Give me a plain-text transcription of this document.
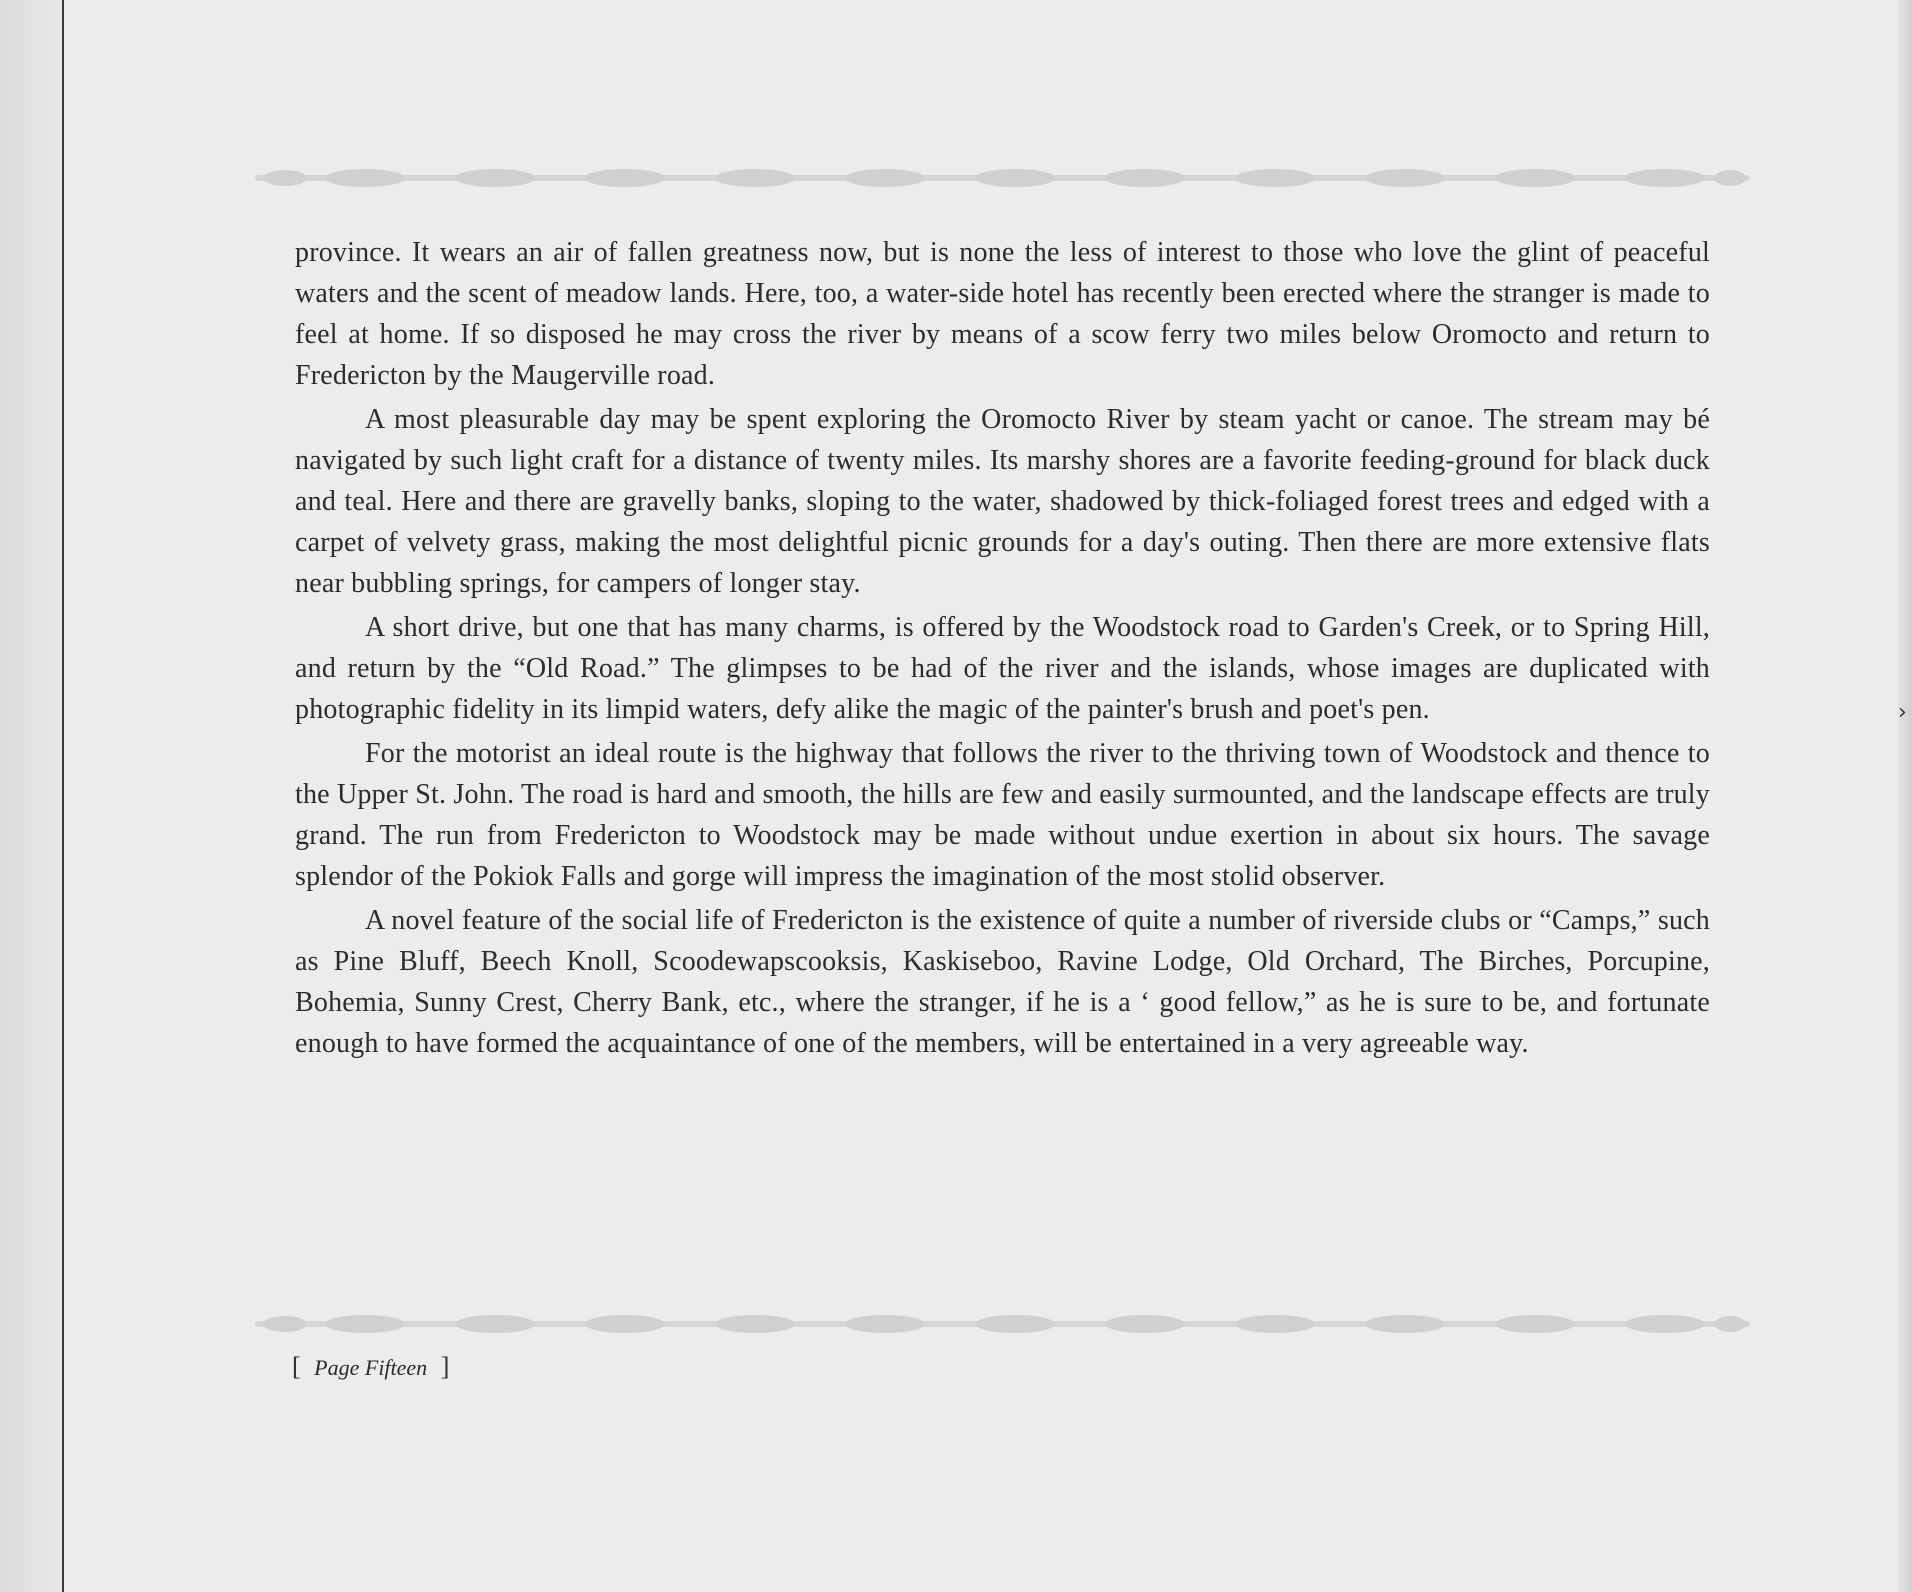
province. It wears an air of fallen greatness now, but is none the less of interest to those who love the glint of peaceful waters and the scent of meadow lands. Here, too, a water-side hotel has recently been erected where the stranger is made to feel at home. If so disposed he may cross the river by means of a scow ferry two miles below Oromocto and return to Fredericton by the Maugerville road.

A most pleasurable day may be spent exploring the Oromocto River by steam yacht or canoe. The stream may bé navigated by such light craft for a distance of twenty miles. Its marshy shores are a favorite feeding-ground for black duck and teal. Here and there are gravelly banks, sloping to the water, shadowed by thick-foliaged forest trees and edged with a carpet of velvety grass, making the most delightful picnic grounds for a day's outing. Then there are more extensive flats near bubbling springs, for campers of longer stay.

A short drive, but one that has many charms, is offered by the Woodstock road to Garden's Creek, or to Spring Hill, and return by the “Old Road.” The glimpses to be had of the river and the islands, whose images are duplicated with photographic fidelity in its limpid waters, defy alike the magic of the painter's brush and poet's pen.

For the motorist an ideal route is the highway that follows the river to the thriving town of Woodstock and thence to the Upper St. John. The road is hard and smooth, the hills are few and easily surmounted, and the landscape effects are truly grand. The run from Fredericton to Woodstock may be made without undue exertion in about six hours. The savage splendor of the Pokiok Falls and gorge will impress the imagination of the most stolid observer.

A novel feature of the social life of Fredericton is the existence of quite a number of riverside clubs or “Camps,” such as Pine Bluff, Beech Knoll, Scoodewapscooksis, Kaskiseboo, Ravine Lodge, Old Orchard, The Birches, Porcupine, Bohemia, Sunny Crest, Cherry Bank, etc., where the stranger, if he is a ‘ good fellow,” as he is sure to be, and fortunate enough to have formed the acquaintance of one of the members, will be entertained in a very agreeable way.

[ Page Fifteen ]
›
